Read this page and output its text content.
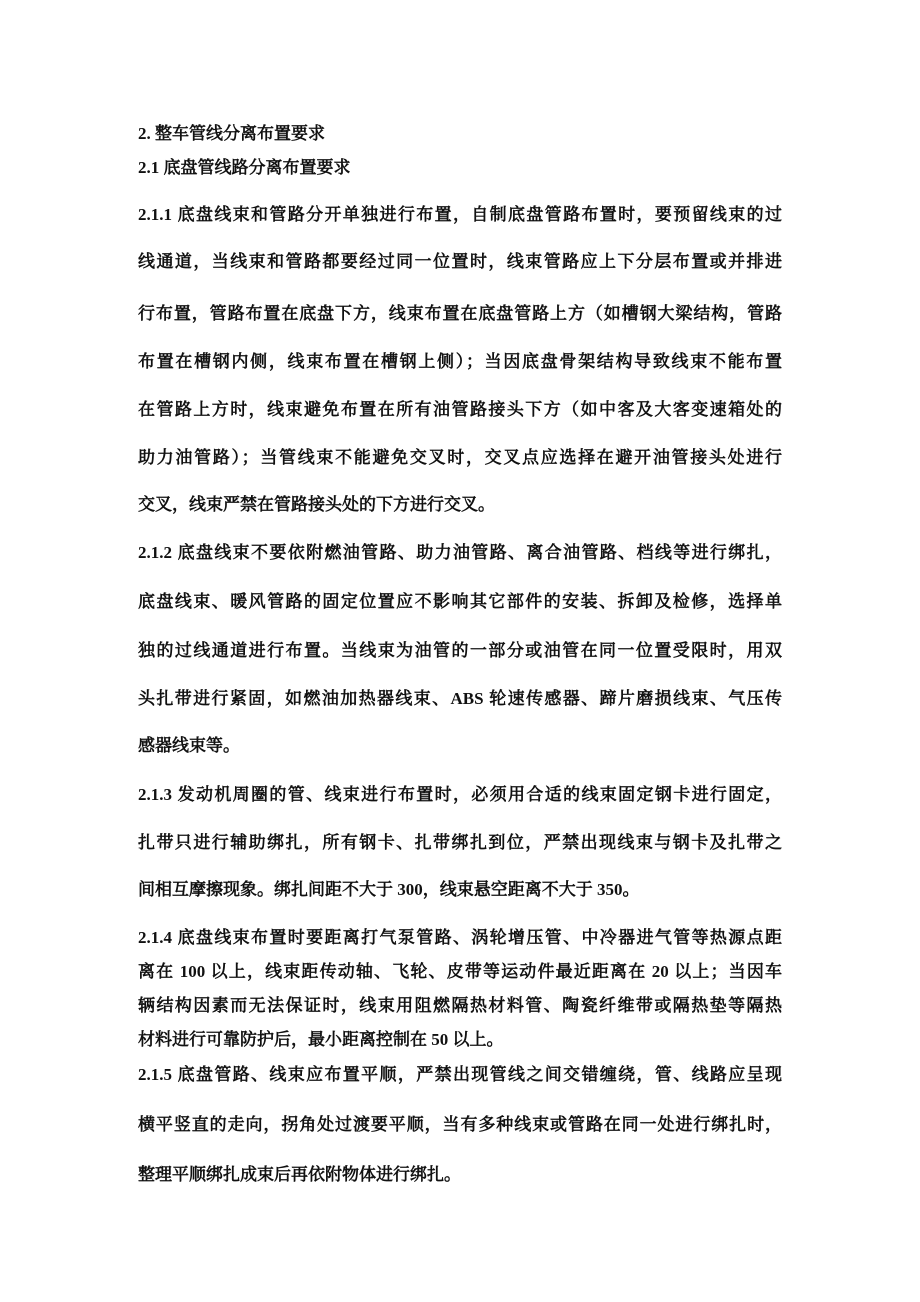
2. 整车管线分离布置要求
2.1 底盘管线路分离布置要求
2.1.1 底盘线束和管路分开单独进行布置，自制底盘管路布置时，要预留线束的过
线通道，当线束和管路都要经过同一位置时，线束管路应上下分层布置或并排进
行布置，管路布置在底盘下方，线束布置在底盘管路上方（如槽钢大梁结构，管路
布置在槽钢内侧，线束布置在槽钢上侧）；当因底盘骨架结构导致线束不能布置
在管路上方时，线束避免布置在所有油管路接头下方（如中客及大客变速箱处的
助力油管路）；当管线束不能避免交叉时，交叉点应选择在避开油管接头处进行
交叉，线束严禁在管路接头处的下方进行交叉。
2.1.2 底盘线束不要依附燃油管路、助力油管路、离合油管路、档线等进行绑扎，
底盘线束、暖风管路的固定位置应不影响其它部件的安装、拆卸及检修，选择单
独的过线通道进行布置。当线束为油管的一部分或油管在同一位置受限时，用双
头扎带进行紧固，如燃油加热器线束、ABS 轮速传感器、蹄片磨损线束、气压传
感器线束等。
2.1.3 发动机周圈的管、线束进行布置时，必须用合适的线束固定钢卡进行固定，
扎带只进行辅助绑扎，所有钢卡、扎带绑扎到位，严禁出现线束与钢卡及扎带之
间相互摩擦现象。绑扎间距不大于 300，线束悬空距离不大于 350。
2.1.4 底盘线束布置时要距离打气泵管路、涡轮增压管、中冷器进气管等热源点距
离在 100 以上，线束距传动轴、飞轮、皮带等运动件最近距离在 20 以上；当因车
辆结构因素而无法保证时，线束用阻燃隔热材料管、陶瓷纤维带或隔热垫等隔热
材料进行可靠防护后，最小距离控制在 50 以上。
2.1.5 底盘管路、线束应布置平顺，严禁出现管线之间交错缠绕，管、线路应呈现
横平竖直的走向，拐角处过渡要平顺，当有多种线束或管路在同一处进行绑扎时，
整理平顺绑扎成束后再依附物体进行绑扎。
